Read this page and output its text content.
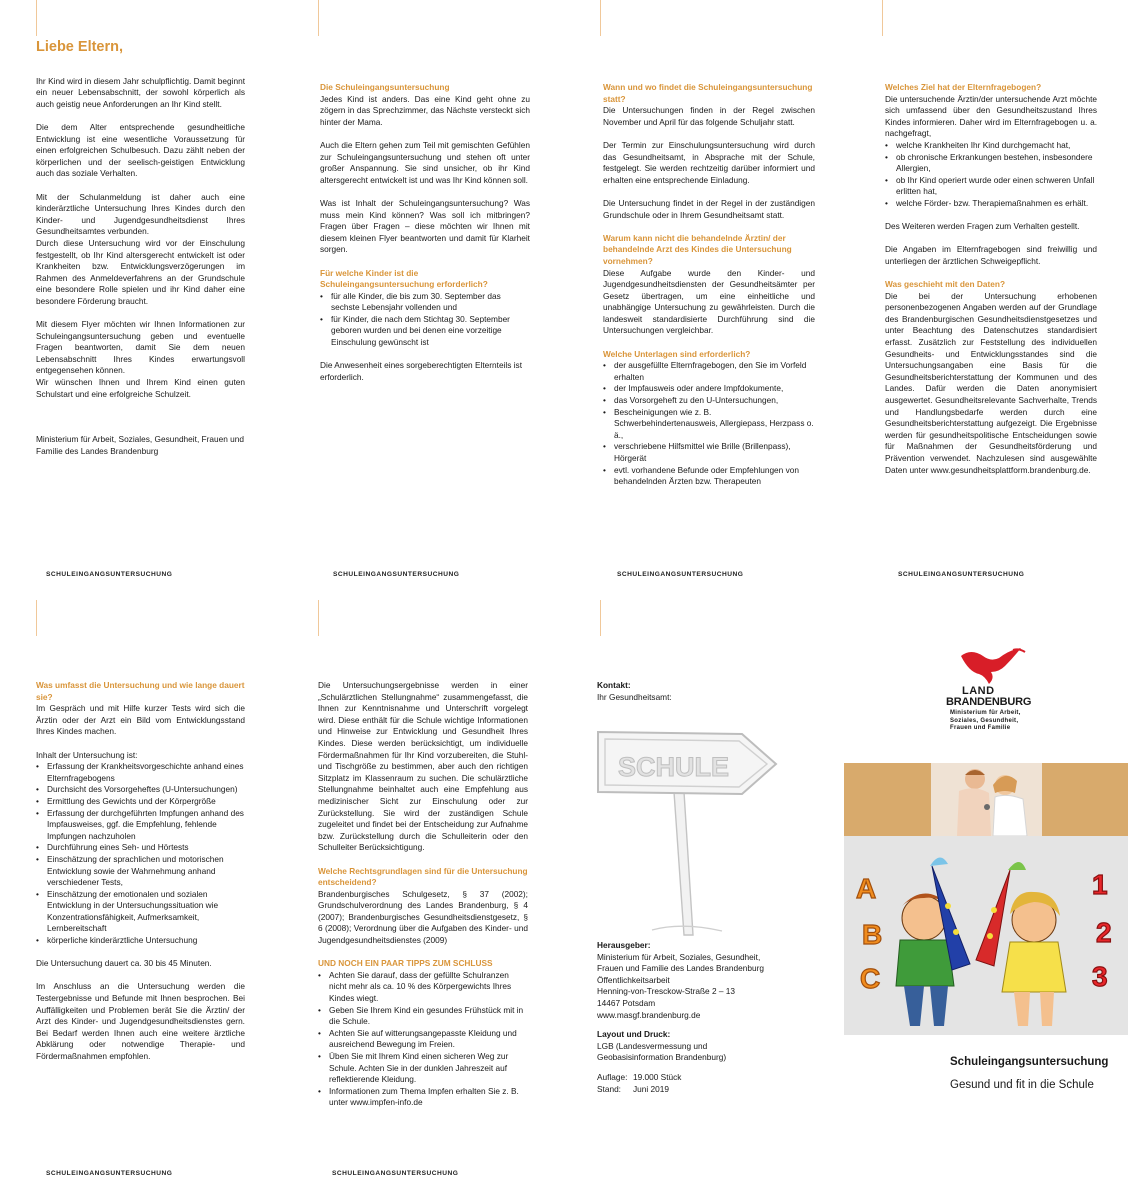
Liebe Eltern,

Ihr Kind wird in diesem Jahr schulpflichtig. Damit beginnt ein neuer Lebensabschnitt, der sowohl körperlich als auch geistig neue Anforderungen an Ihr Kind stellt.

Die dem Alter entsprechende gesundheitliche Entwicklung ist eine wesentliche Voraussetzung für einen erfolgreichen Schulbesuch. Dazu zählt neben der körperlichen und der seelisch-geistigen Entwicklung auch das soziale Verhalten.

Mit der Schulanmeldung ist daher auch eine kinderärztliche Untersuchung Ihres Kindes durch den Kinder- und Jugendgesundheitsdienst Ihres Gesundheitsamtes verbunden.

Durch diese Untersuchung wird vor der Einschulung festgestellt, ob Ihr Kind altersgerecht entwickelt ist oder Krankheiten bzw. Entwicklungsverzögerungen im Rahmen des Anmeldeverfahrens an der Grundschule eine besondere Rolle spielen und ihr Kind daher eine besondere Förderung braucht.

Mit diesem Flyer möchten wir Ihnen Informationen zur Schuleingangsuntersuchung geben und eventuelle Fragen beantworten, damit Sie dem neuen Lebensabschnitt Ihres Kindes erwartungsvoll entgegensehen können.

Wir wünschen Ihnen und Ihrem Kind einen guten Schulstart und eine erfolgreiche Schulzeit.

Ministerium für Arbeit, Soziales, Gesundheit, Frauen und Familie des Landes Brandenburg

Die Schuleingangsuntersuchung

Jedes Kind ist anders. Das eine Kind geht ohne zu zögern in das Sprechzimmer, das Nächste versteckt sich hinter der Mama.

Auch die Eltern gehen zum Teil mit gemischten Gefühlen zur Schuleingangsuntersuchung und stehen oft unter großer Anspannung. Sie sind unsicher, ob ihr Kind altersgerecht entwickelt ist und was Ihr Kind können soll.

Was ist Inhalt der Schuleingangsuntersuchung? Was muss mein Kind können? Was soll ich mitbringen? Fragen über Fragen – diese möchten wir Ihnen mit diesem kleinen Flyer beantworten und damit für Klarheit sorgen.

Für welche Kinder ist die Schuleingangsuntersuchung erforderlich?
• für alle Kinder, die bis zum 30. September das sechste Lebensjahr vollenden und
• für Kinder, die nach dem Stichtag 30. September geboren wurden und bei denen eine vorzeitige Einschulung gewünscht ist

Die Anwesenheit eines sorgeberechtigten Elternteils ist erforderlich.

Wann und wo findet die Schuleingangsuntersuchung statt?

Die Untersuchungen finden in der Regel zwischen November und April für das folgende Schuljahr statt.

Der Termin zur Einschulungsuntersuchung wird durch das Gesundheitsamt, in Absprache mit der Schule, festgelegt. Sie werden rechtzeitig darüber informiert und erhalten eine entsprechende Einladung.

Die Untersuchung findet in der Regel in der zuständigen Grundschule oder in Ihrem Gesundheitsamt statt.

Warum kann nicht die behandelnde Ärztin/ der behandelnde Arzt des Kindes die Untersuchung vornehmen?

Diese Aufgabe wurde den Kinder- und Jugendgesundheitsdiensten der Gesundheitsämter per Gesetz übertragen, um eine einheitliche und unabhängige Untersuchung zu gewährleisten. Durch die landesweit standardisierte Durchführung sind die Untersuchungen vergleichbar.

Welche Unterlagen sind erforderlich?
• der ausgefüllte Elternfragebogen, den Sie im Vorfeld erhalten
• der Impfausweis oder andere Impfdokumente,
• das Vorsorgeheft zu den U-Untersuchungen,
• Bescheinigungen wie z. B. Schwerbehindertenausweis, Allergiepass, Herzpass o. ä.,
• verschriebene Hilfsmittel wie Brille (Brillenpass), Hörgerät
• evtl. vorhandene Befunde oder Empfehlungen von behandelnden Ärzten bzw. Therapeuten
Welches Ziel hat der Elternfragebogen?

Die untersuchende Ärztin/der untersuchende Arzt möchte sich umfassend über den Gesundheitszustand Ihres Kindes informieren. Daher wird im Elternfragebogen u. a. nachgefragt,

• welche Krankheiten Ihr Kind durchgemacht hat,
• ob chronische Erkrankungen bestehen, insbesondere Allergien,
• ob Ihr Kind operiert wurde oder einen schweren Unfall erlitten hat,
• welche Förder- bzw. Therapiemaßnahmen es erhält.

Des Weiteren werden Fragen zum Verhalten gestellt.

Die Angaben im Elternfragebogen sind freiwillig und unterliegen der ärztlichen Schweigepflicht.

Was geschieht mit den Daten?

Die bei der Untersuchung erhobenen personenbezogenen Angaben werden auf der Grundlage des Brandenburgischen Gesundheitsdienstgesetzes und unter Beachtung des Datenschutzes standardisiert erfasst. Zusätzlich zur Feststellung des individuellen Gesundheits- und Entwicklungsstandes sind die Untersuchungsangaben eine Basis für die Gesundheitsberichterstattung der Kommunen und des Landes. Dafür werden die Daten anonymisiert ausgewertet. Gesundheitsrelevante Sachverhalte, Trends und Handlungsbedarfe werden durch eine Gesundheitsberichterstattung aufgezeigt. Die Ergebnisse werden für gesundheitspolitische Entscheidungen sowie für Maßnahmen der Gesundheitsförderung und Prävention verwendet. Nachzulesen sind ausgewählte Daten unter www.gesundheitsplattform.brandenburg.de.

SCHULEINGANGSUNTERSUCHUNG	SCHULEINGANGSUNTERSUCHUNG	SCHULEINGANGSUNTERSUCHUNG	SCHULEINGANGSUNTERSUCHUNG
Was umfasst die Untersuchung und wie lange dauert sie?

Im Gespräch und mit Hilfe kurzer Tests wird sich die Ärztin oder der Arzt ein Bild vom Entwicklungsstand Ihres Kindes machen.

Inhalt der Untersuchung ist:

• Erfassung der Krankheitsvorgeschichte anhand eines Elternfragebogens
• Durchsicht des Vorsorgeheftes (U-Untersuchungen)
• Ermittlung des Gewichts und der Körpergröße
• Erfassung der durchgeführten Impfungen anhand des Impfausweises, ggf. die Empfehlung, fehlende Impfungen nachzuholen
• Durchführung eines Seh- und Hörtests
• Einschätzung der sprachlichen und motorischen Entwicklung sowie der Wahrnehmung anhand verschiedener Tests,
• Einschätzung der emotionalen und sozialen Entwicklung in der Untersuchungssituation wie Konzentrationsfähigkeit, Aufmerksamkeit, Lernbereitschaft
• körperliche kinderärztliche Untersuchung

Die Untersuchung dauert ca. 30 bis 45 Minuten.

Im Anschluss an die Untersuchung werden die Testergebnisse und Befunde mit Ihnen besprochen. Bei Auffälligkeiten und Problemen berät Sie die Ärztin/ der Arzt des Kinder- und Jugendgesundheitsdienstes gern. Bei Bedarf werden Ihnen auch eine weitere ärztliche Abklärung oder notwendige Therapie- und Fördermaßnahmen empfohlen.

Die Untersuchungsergebnisse werden in einer „Schulärztlichen Stellungnahme“ zusammengefasst, die Ihnen zur Kenntnisnahme und Unterschrift vorgelegt wird. Diese enthält für die Schule wichtige Informationen und Hinweise zur Entwicklung und Gesundheit Ihres Kindes. Diese werden berücksichtigt, um individuelle Fördermaßnahmen für Ihr Kind vorzubereiten, die Stuhl- und Tischgröße zu bestimmen, aber auch den richtigen Sitzplatz im Klassenraum zu suchen. Die schulärztliche Stellungnahme beinhaltet auch eine Empfehlung aus medizinischer Sicht zur Einschulung oder zur Zurückstellung. Sie wird der zuständigen Schule zugeleitet und findet bei der Entscheidung zur Aufnahme bzw. Zurückstellung durch die Schulleiterin oder den Schulleiter Berücksichtigung.

Welche Rechtsgrundlagen sind für die Untersuchung entscheidend?

Brandenburgisches Schulgesetz, § 37 (2002); Grundschulverordnung des Landes Brandenburg, § 4 (2007); Brandenburgisches Gesundheitsdienstgesetz, § 6 (2008); Verordnung über die Aufgaben des Kinder- und Jugendgesundheitsdienstes (2009)

UND NOCH EIN PAAR TIPPS ZUM SCHLUSS
• Achten Sie darauf, dass der gefüllte Schulranzen nicht mehr als ca. 10 % des Körpergewichts Ihres Kindes wiegt.
• Geben Sie Ihrem Kind ein gesundes Frühstück mit in die Schule.
• Achten Sie auf witterungsangepasste Kleidung und ausreichend Bewegung im Freien.
• Üben Sie mit Ihrem Kind einen sicheren Weg zur Schule. Achten Sie in der dunklen Jahreszeit auf reflektierende Kleidung.
• Informationen zum Thema Impfen erhalten Sie z. B. unter www.impfen-info.de
Kontakt:
Ihr Gesundheitsamt:
SCHULE
Herausgeber:
Ministerium für Arbeit, Soziales, Gesundheit,
Frauen und Familie des Landes Brandenburg
Öffentlichkeitsarbeit
Henning-von-Tresckow-Straße 2 – 13
14467 Potsdam
www.masgf.brandenburg.de
Layout und Druck:
LGB (Landesvermessung und
Geobasisinformation Brandenburg)
Auflage: 19.000 Stück
Stand: Juni 2019
LAND
BRANDENBURG
Ministerium für Arbeit,
Soziales, Gesundheit,
Frauen und Familie
A
B
C
1
2
3
Schuleingangsuntersuchung
Gesund und fit in die Schule
SCHULEINGANGSUNTERSUCHUNG	SCHULEINGANGSUNTERSUCHUNG
